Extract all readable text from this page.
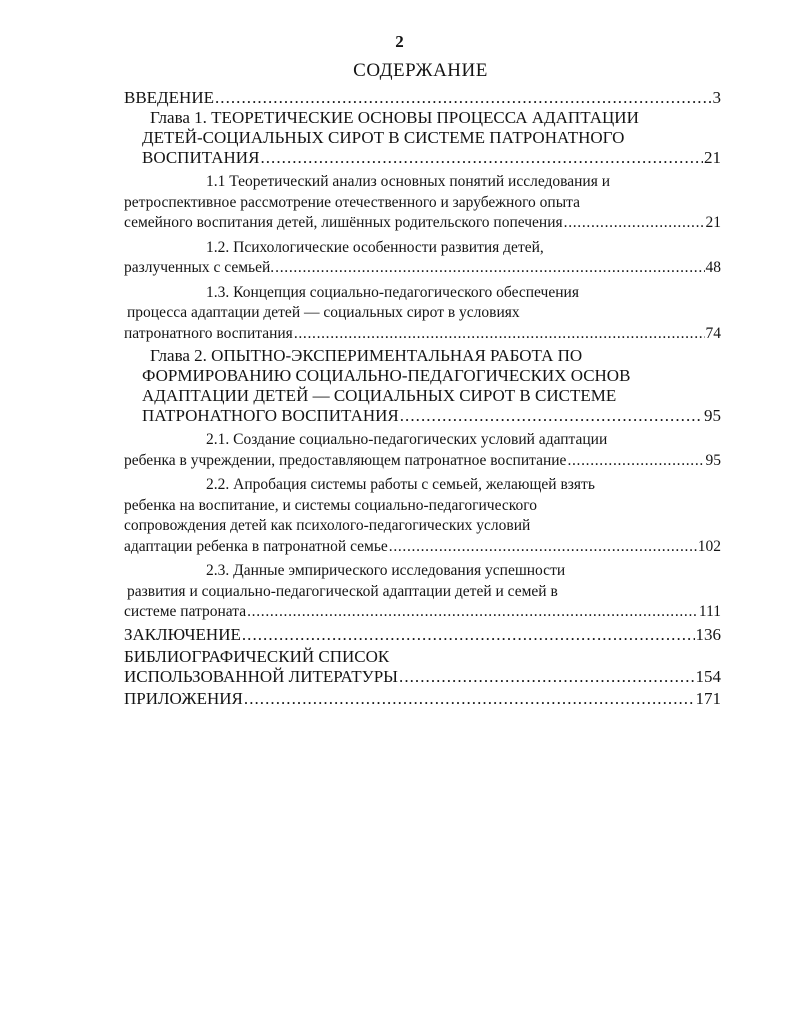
2
СОДЕРЖАНИЕ
ВВЕДЕНИЕ . . .	3
Глава 1. ТЕОРЕТИЧЕСКИЕ ОСНОВЫ ПРОЦЕССА АДАПТАЦИИ
ДЕТЕЙ-СОЦИАЛЬНЫХ СИРОТ В СИСТЕМЕ ПАТРОНАТНОГО
ВОСПИТАНИЯ . . .	21
1.1 Теоретический анализ основных понятий исследования и
ретроспективное рассмотрение отечественного и зарубежного опыта
семейного воспитания детей, лишённых родительского попечения . . .	21
1.2. Психологические особенности развития детей,
разлученных с семьей. . . .	48
1.3. Концепция социально-педагогического обеспечения
процесса адаптации детей — социальных сирот в условиях
патронатного воспитания . . .	74
Глава 2. ОПЫТНО-ЭКСПЕРИМЕНТАЛЬНАЯ РАБОТА ПО
ФОРМИРОВАНИЮ СОЦИАЛЬНО-ПЕДАГОГИЧЕСКИХ ОСНОВ
АДАПТАЦИИ ДЕТЕЙ — СОЦИАЛЬНЫХ СИРОТ В СИСТЕМЕ
ПАТРОНАТНОГО ВОСПИТАНИЯ . . .	95
2.1. Создание социально-педагогических условий адаптации
ребенка в учреждении, предоставляющем патронатное воспитание . . .	95
2.2. Апробация системы работы с семьей, желающей взять
ребенка на воспитание, и системы социально-педагогического
сопровождения детей как психолого-педагогических условий
адаптации ребенка в патронатной семье . . .	102
2.3. Данные эмпирического исследования успешности
развития и социально-педагогической адаптации детей и семей в
системе патроната . . .	111
ЗАКЛЮЧЕНИЕ . . .	136
БИБЛИОГРАФИЧЕСКИЙ СПИСОК
ИСПОЛЬЗОВАННОЙ ЛИТЕРАТУРЫ . . .	154
ПРИЛОЖЕНИЯ . . .	171
